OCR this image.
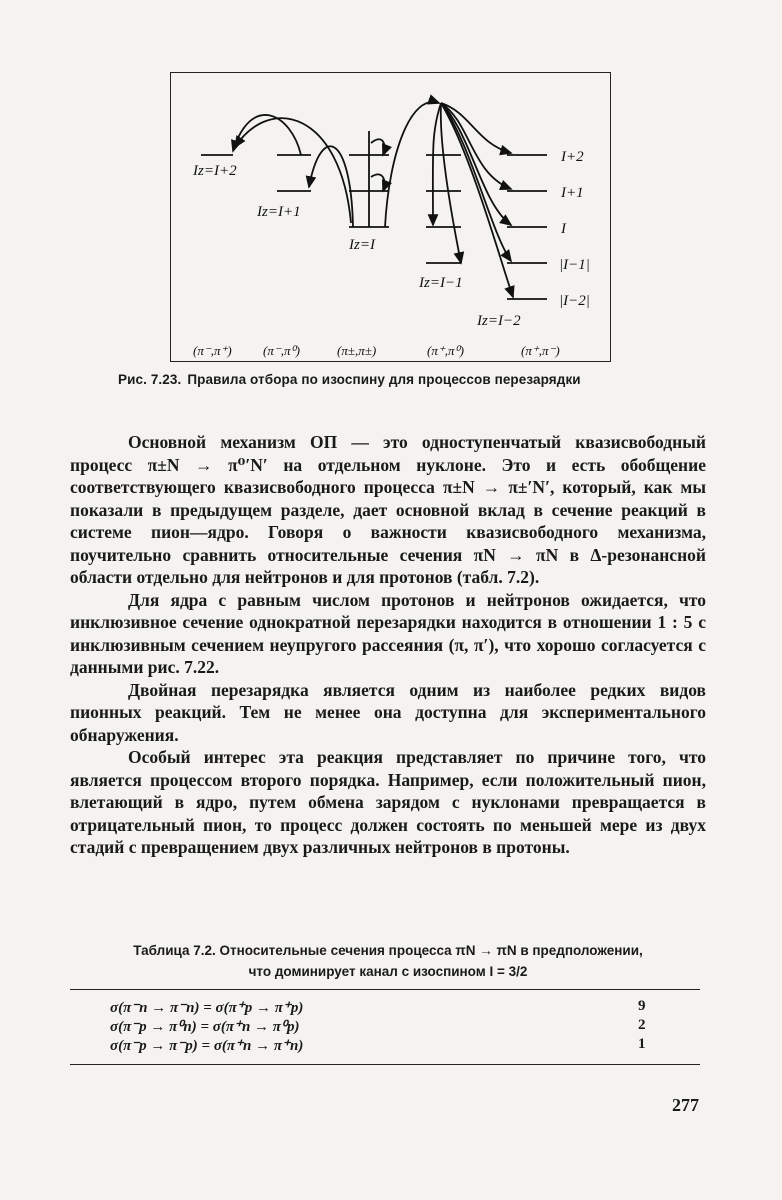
Iz=I+2
Iz=I+1
Iz=I
Iz=I−1
Iz=I−2
I+2
I+1
I
|I−1|
|I−2|
(π⁻,π⁺) (π⁻,π⁰)	(π±,π±)	(π⁺,π⁰)	(π⁺,π⁻)
Рис. 7.23. Правила отбора по изоспину для процессов перезарядки

Основной механизм ОП — это одноступенчатый квазисвободный процесс π±N → π⁰′N′ на отдельном нуклоне. Это и есть обобщение соответствующего квазисвободного процесса π±N → π±′N′, который, как мы показали в предыдущем разделе, дает основной вклад в сечение реакций в системе пион—ядро. Говоря о важности квазисвободного механизма, поучительно сравнить относительные сечения πN → πN в Δ-резонансной области отдельно для нейтронов и для протонов (табл. 7.2).

Для ядра с равным числом протонов и нейтронов ожидается, что инклюзивное сечение однократной перезарядки находится в отношении 1 : 5 с инклюзивным сечением неупругого рассеяния (π, π′), что хорошо согласуется с данными рис. 7.22.

Двойная перезарядка является одним из наиболее редких видов пионных реакций. Тем не менее она доступна для экспериментального обнаружения.

Особый интерес эта реакция представляет по причине того, что является процессом второго порядка. Например, если положительный пион, влетающий в ядро, путем обмена зарядом с нуклонами превращается в отрицательный пион, то процесс должен состоять по меньшей мере из двух стадий с превращением двух различных нейтронов в протоны.

Таблица 7.2. Относительные сечения процесса πN → πN в предположении,
что доминирует канал с изоспином I = 3/2
σ(π⁻n → π⁻n) = σ(π⁺p → π⁺p)	9
σ(π⁻p → π⁰n) = σ(π⁺n → π⁰p)	2
σ(π⁻p → π⁻p) = σ(π⁺n → π⁺n)	1
277
